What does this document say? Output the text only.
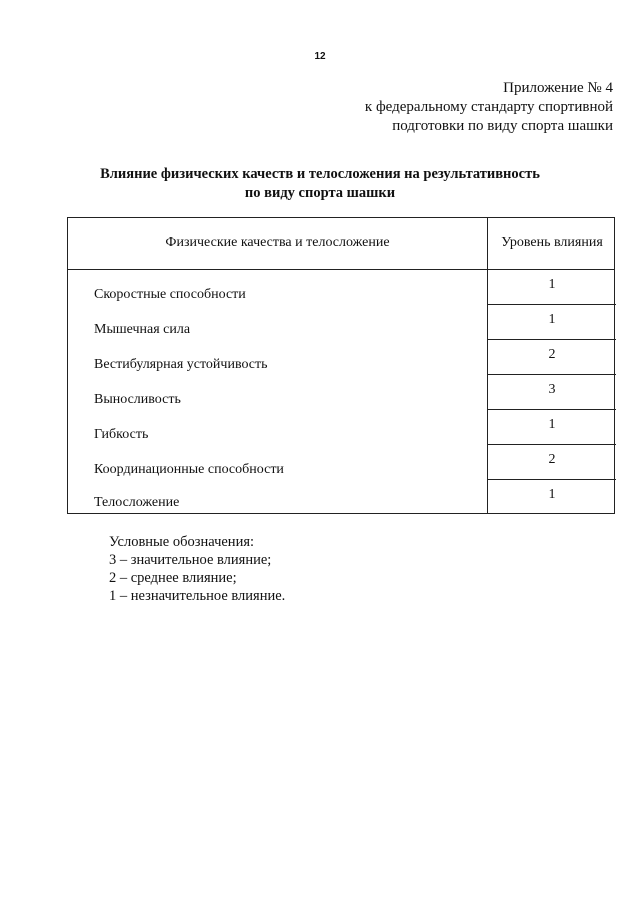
12
Приложение № 4
к федеральному стандарту спортивной
подготовки по виду спорта шашки
Влияние физических качеств и телосложения на результативность
по виду спорта шашки
Физические качества и телосложение	Уровень влияния
Скоростные способности
1
Мышечная сила
1
Вестибулярная устойчивость
2
Выносливость
3
Гибкость
1
Координационные способности
2
Телосложение
1
Условные обозначения:
3 – значительное влияние;
2 – среднее влияние;
1 – незначительное влияние.
